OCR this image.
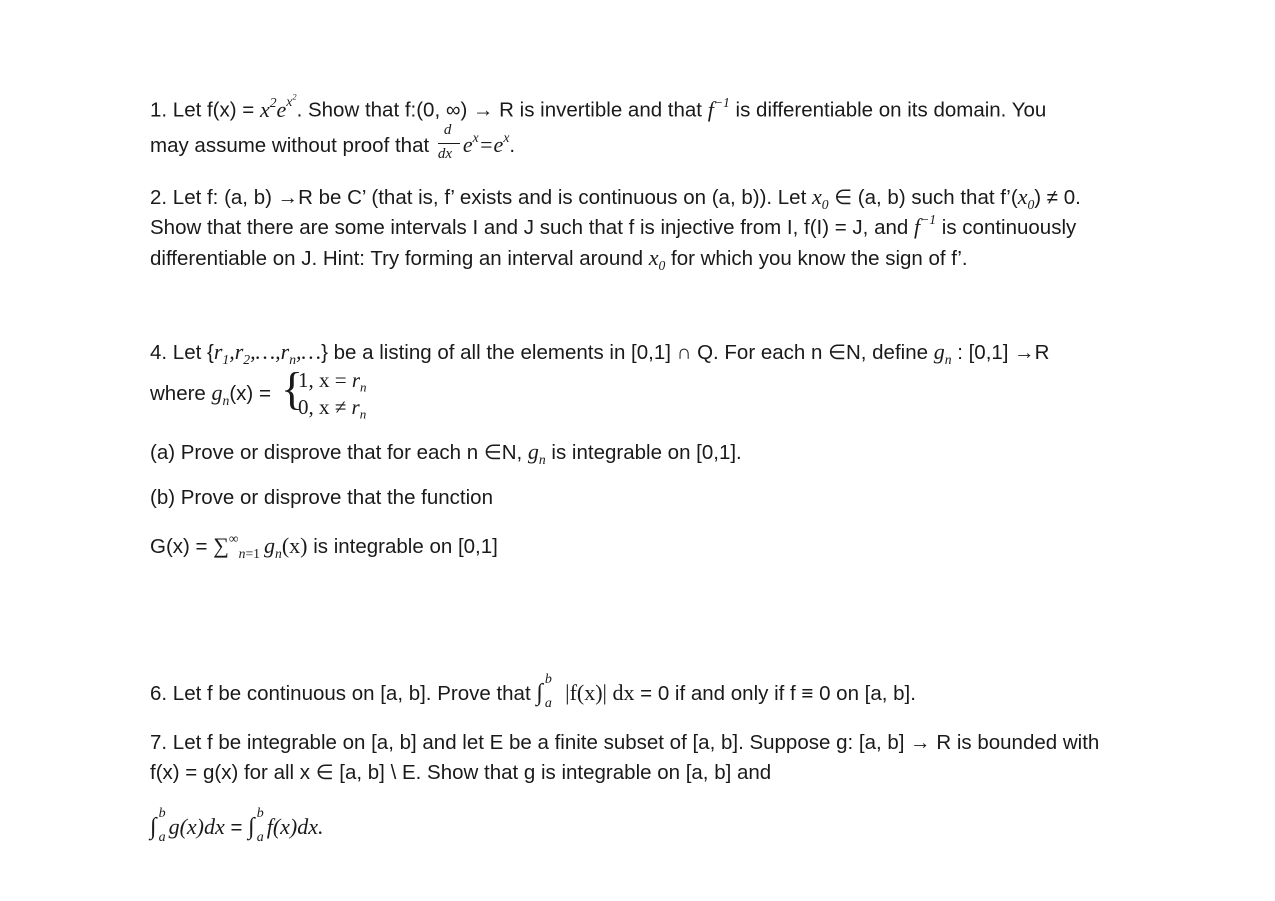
1. Let $f(x) = x^2e^{x^2}$. Show that f:(0, ∞) → R is invertible and that $f^{-1}$ is differentiable on its domain. You
may assume without proof that $\frac{d}{dx} e^x=e^x$.
2. Let f: (a, b) →R be C’ (that is, f’ exists and is continuous on (a, b)). Let $x_0$ ∈ (a, b) such that $f’(x_0) \ne 0$.
Show that there are some intervals I and J such that f is injective from I, f(I) = J, and $f^{-1}$ is continuously
differentiable on J. Hint: Try forming an interval around $x_0$ for which you know the sign of f’.
4. Let $\{r_1,r_2,\dots,r_n,\dots\}$ be a listing of all the elements in [0,1] ∩ Q. For each n ∈N, define $g_n$ : [0,1] →R
where $g_n(x)$ = {
1, $x = r_n$
0, $x \ne r_n$
(a) Prove or disprove that for each n ∈N, $g_n$ is integrable on [0,1].
(b) Prove or disprove that the function
$G(x) = \sum^\infty_{n=1}$  $g_n(x)$ is integrable on [0,1]
6. Let f be continuous on [a, b]. Prove that ∫
b
a
  |f(x)| dx = 0 if and only if f ≡ 0 on [a, b].
7. Let f be integrable on [a, b] and let E be a finite subset of [a, b]. Suppose g: [a, b] → R is bounded with
f(x) = g(x) for all x ∈ [a, b] \ E. Show that g is integrable on [a, b] and
∫
b
a g(x)dx = ∫
b
a f(x)dx.
